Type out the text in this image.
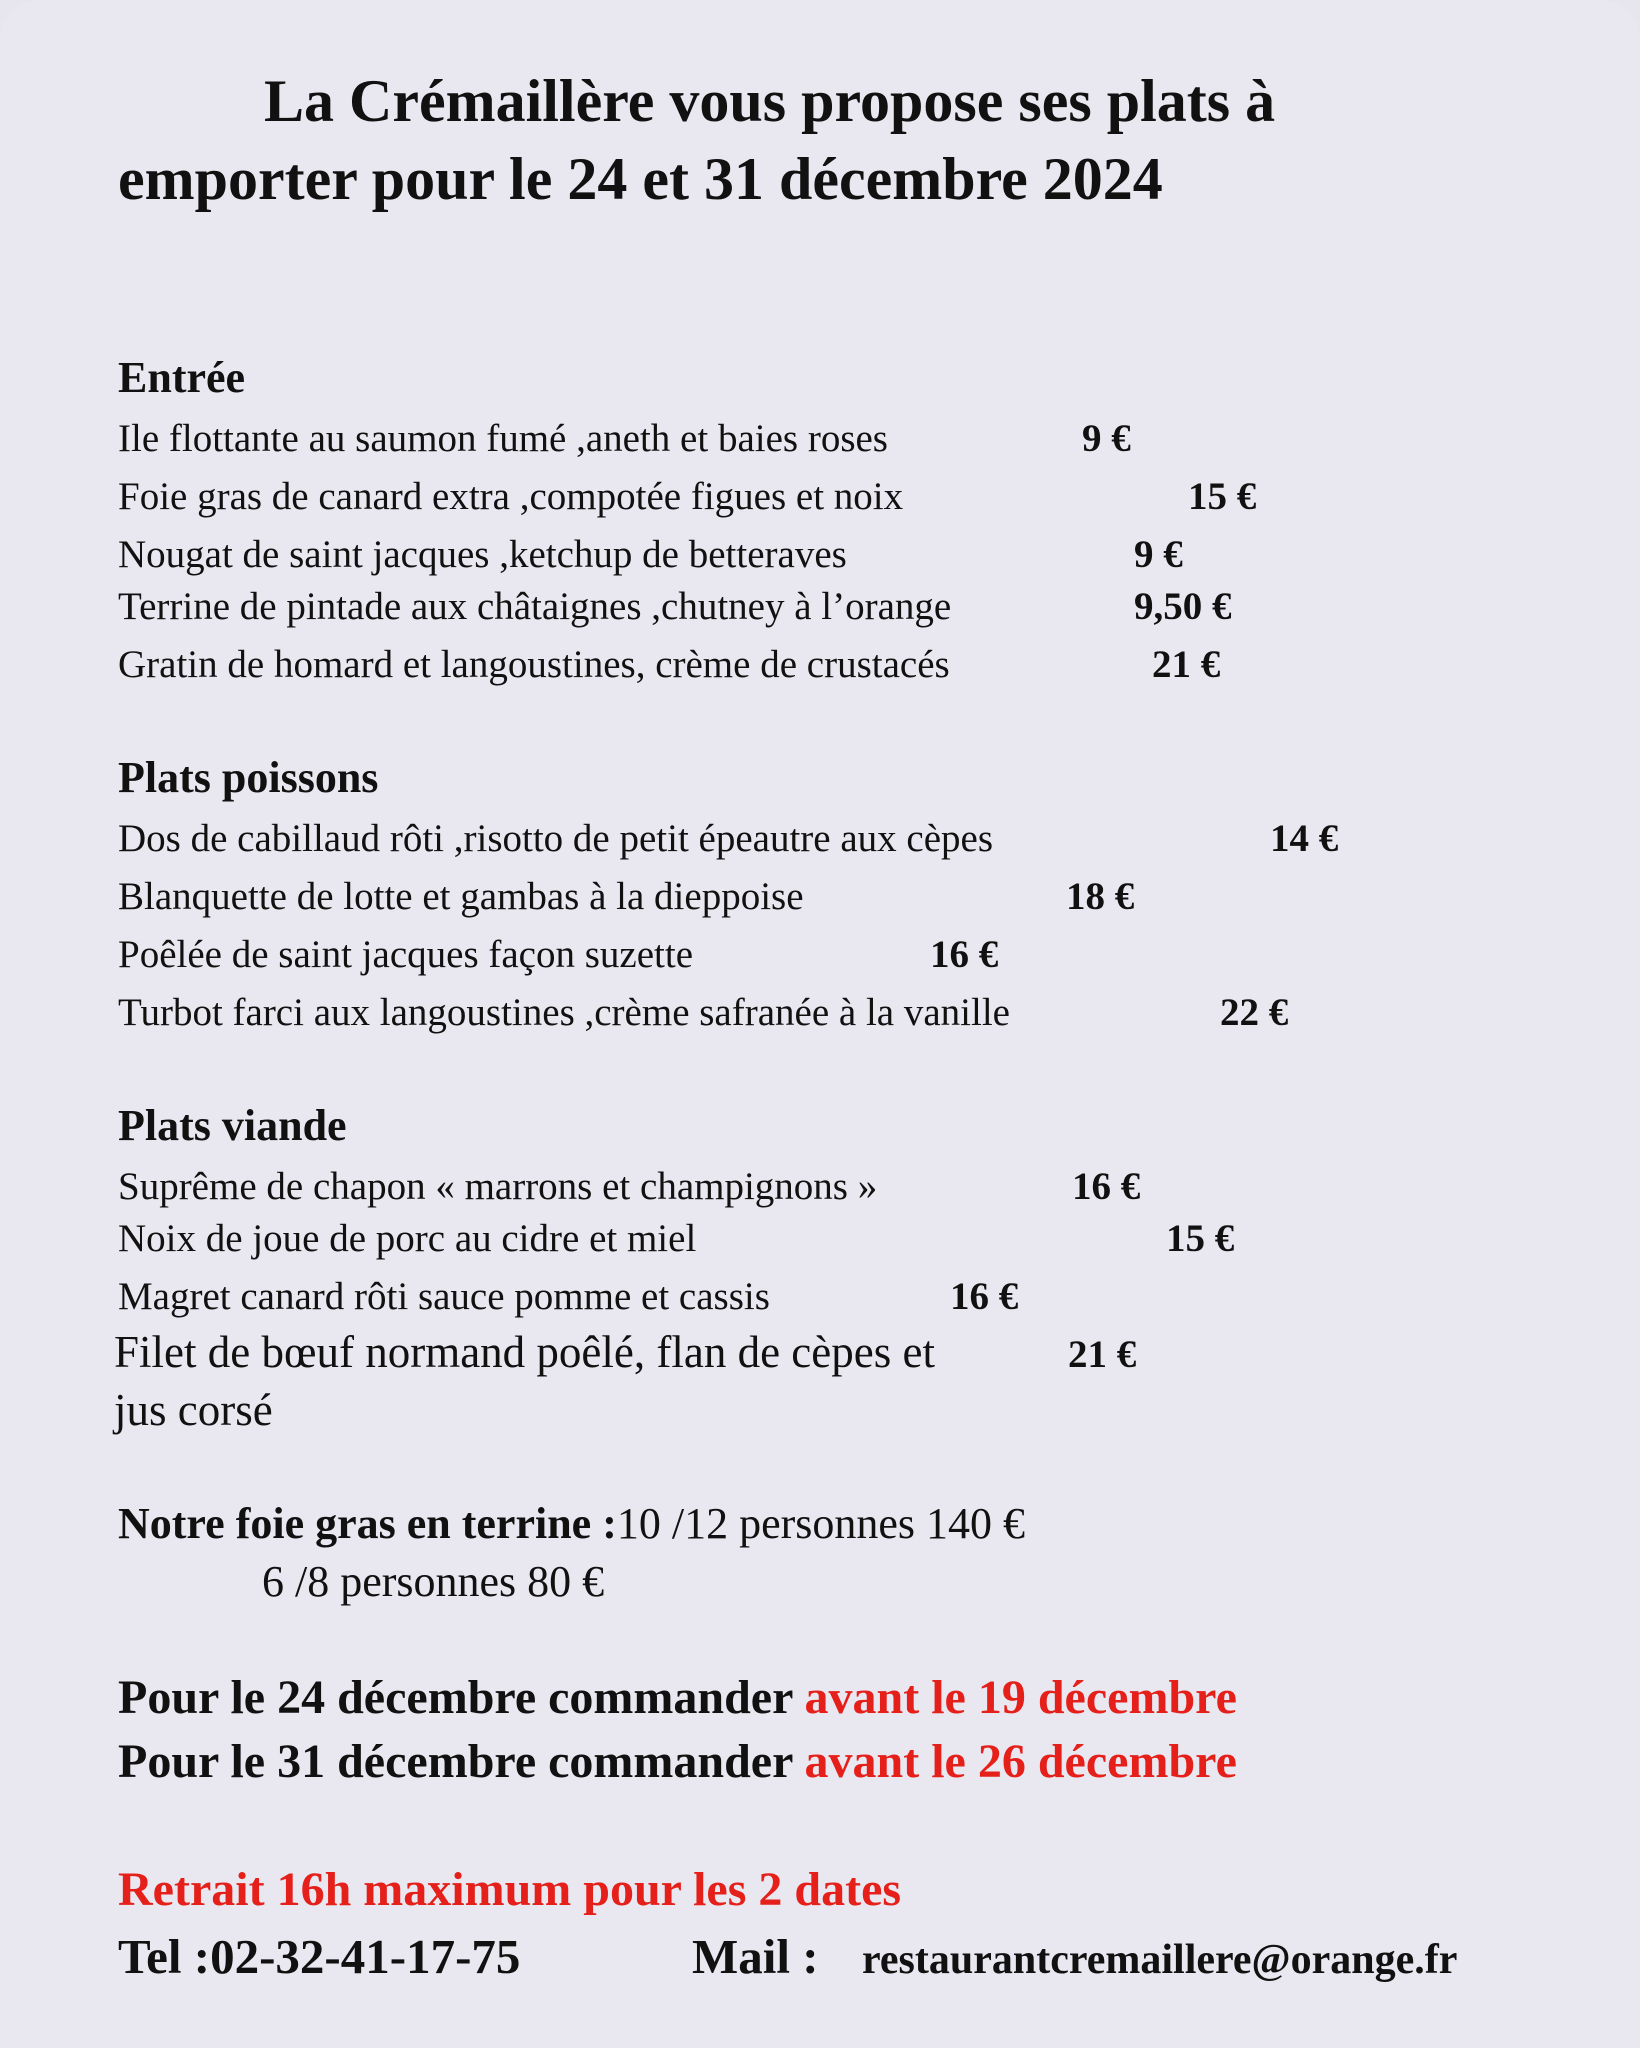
La Crémaillère vous propose ses plats à
emporter pour le 24 et 31 décembre 2024
Entrée
Ile flottante au saumon fumé ,aneth et baies roses	9 €
Foie gras de canard extra ,compotée figues et noix	15 €
Nougat de saint jacques ,ketchup de betteraves	9 €
Terrine de pintade aux châtaignes ,chutney à l’orange	9,50 €
Gratin de homard et langoustines, crème de crustacés	21 €
Plats poissons
Dos de cabillaud rôti ,risotto de petit épeautre aux cèpes	14 €
Blanquette de lotte et gambas à la dieppoise	18 €
Poêlée de saint jacques façon suzette	16 €
Turbot farci aux langoustines ,crème safranée à la vanille	22 €
Plats viande
Suprême de chapon « marrons et champignons »	16 €
Noix de joue de porc au cidre et miel	15 €
Magret canard rôti sauce pomme et cassis	16 €
Filet de bœuf normand poêlé, flan de cèpes et	21 €
jus corsé
Notre foie gras en terrine :10 /12 personnes 140 €
6 /8 personnes 80 €
Pour le 24 décembre commander avant le 19 décembre
Pour le 31 décembre commander avant le 26 décembre
Retrait 16h maximum pour les 2 dates
Tel :02-32-41-17-75	Mail : restaurantcremaillere@orange.fr
